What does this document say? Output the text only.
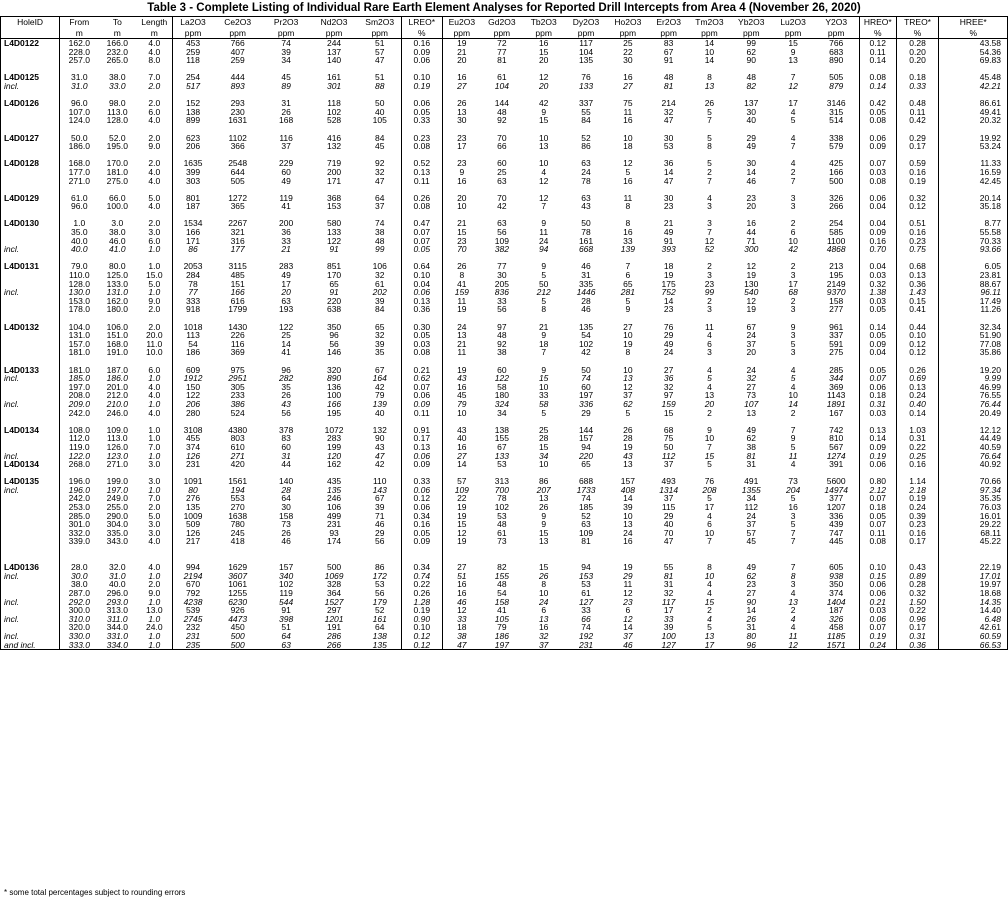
Table 3 - Complete Listing of Individual Rare Earth Element Analyses for Reported Drill Intercepts from Area 4 (November 26, 2020)
HoleID	From	To	Length	La2O3	Ce2O3	Pr2O3	Nd2O3	Sm2O3	LREO*	Eu2O3	Gd2O3	Tb2O3	Dy2O3	Ho2O3	Er2O3	Tm2O3	Yb2O3	Lu2O3	Y2O3	HREO*	TREO*	HREE*
	m	m	m	ppm	ppm	ppm	ppm	ppm	%	ppm	ppm	ppm	ppm	ppm	ppm	ppm	ppm	ppm	ppm	%	%	%
L4D0122	162.0	166.0	4.0	453	766	74	244	51	0.16	19	72	16	117	25	83	14	99	15	766	0.12	0.28	43.58
	228.0	232.0	4.0	259	407	39	137	57	0.09	21	77	15	104	22	67	10	62	9	683	0.11	0.20	54.36
	257.0	265.0	8.0	118	259	34	140	47	0.06	20	81	20	135	30	91	14	90	13	890	0.14	0.20	69.83

L4D0125	31.0	38.0	7.0	254	444	45	161	51	0.10	16	61	12	76	16	48	8	48	7	505	0.08	0.18	45.48
incl.	31.0	33.0	2.0	517	893	89	301	88	0.19	27	104	20	133	27	81	13	82	12	879	0.14	0.33	42.21

L4D0126	96.0	98.0	2.0	152	293	31	118	50	0.06	26	144	42	337	75	214	26	137	17	3146	0.42	0.48	86.61
	107.0	113.0	6.0	138	230	26	102	40	0.05	13	48	9	55	11	32	5	30	4	315	0.05	0.11	49.41
	124.0	128.0	4.0	899	1631	168	528	105	0.33	30	92	15	84	16	47	7	40	5	514	0.08	0.42	20.32

L4D0127	50.0	52.0	2.0	623	1102	116	416	84	0.23	23	70	10	52	10	30	5	29	4	338	0.06	0.29	19.92
	186.0	195.0	9.0	206	366	37	132	45	0.08	17	66	13	86	18	53	8	49	7	579	0.09	0.17	53.24

L4D0128	168.0	170.0	2.0	1635	2548	229	719	92	0.52	23	60	10	63	12	36	5	30	4	425	0.07	0.59	11.33
	177.0	181.0	4.0	399	644	60	200	32	0.13	9	25	4	24	5	14	2	14	2	166	0.03	0.16	16.59
	271.0	275.0	4.0	303	505	49	171	47	0.11	16	63	12	78	16	47	7	46	7	500	0.08	0.19	42.45

L4D0129	61.0	66.0	5.0	801	1272	119	368	64	0.26	20	70	12	63	11	30	4	23	3	326	0.06	0.32	20.14
	96.0	100.0	4.0	187	365	41	153	37	0.08	10	42	7	43	8	23	3	20	3	266	0.04	0.12	35.18

L4D0130	1.0	3.0	2.0	1534	2267	200	580	74	0.47	21	63	9	50	8	21	3	16	2	254	0.04	0.51	8.77
	35.0	38.0	3.0	166	321	36	133	38	0.07	15	56	11	78	16	49	7	44	6	585	0.09	0.16	55.58
	40.0	46.0	6.0	171	316	33	122	48	0.07	23	109	24	161	33	91	12	71	10	1100	0.16	0.23	70.33
incl.	40.0	41.0	1.0	86	177	21	91	99	0.05	70	382	94	668	139	393	52	300	42	4868	0.70	0.75	93.66

L4D0131	79.0	80.0	1.0	2053	3115	283	851	106	0.64	26	77	9	46	7	18	2	12	2	213	0.04	0.68	6.05
	110.0	125.0	15.0	284	485	49	170	32	0.10	8	30	5	31	6	19	3	19	3	195	0.03	0.13	23.81
	128.0	133.0	5.0	78	151	17	65	61	0.04	41	205	50	335	65	175	23	130	17	2149	0.32	0.36	88.67
incl.	130.0	131.0	1.0	77	166	20	91	202	0.06	159	836	212	1446	281	752	99	540	68	9370	1.38	1.43	96.11
	153.0	162.0	9.0	333	616	63	220	39	0.13	11	33	5	28	5	14	2	12	2	158	0.03	0.15	17.49
	178.0	180.0	2.0	918	1799	193	638	84	0.36	19	56	8	46	9	23	3	19	3	277	0.05	0.41	11.26

L4D0132	104.0	106.0	2.0	1018	1430	122	350	65	0.30	24	97	21	135	27	76	11	67	9	961	0.14	0.44	32.34
	131.0	151.0	20.0	113	226	25	96	32	0.05	13	48	9	54	10	29	4	24	3	337	0.05	0.10	51.90
	157.0	168.0	11.0	54	116	14	56	39	0.03	21	92	18	102	19	49	6	37	5	591	0.09	0.12	77.08
	181.0	191.0	10.0	186	369	41	146	35	0.08	11	38	7	42	8	24	3	20	3	275	0.04	0.12	35.86

L4D0133	181.0	187.0	6.0	609	975	96	320	67	0.21	19	60	9	50	10	27	4	24	4	285	0.05	0.26	19.20
incl.	185.0	186.0	1.0	1912	2951	282	890	164	0.62	43	122	15	74	13	36	5	32	5	344	0.07	0.69	9.99
	197.0	201.0	4.0	150	305	35	136	42	0.07	16	58	10	60	12	32	4	27	4	369	0.06	0.13	46.99
	208.0	212.0	4.0	122	233	26	100	79	0.06	45	180	33	197	37	97	13	73	10	1143	0.18	0.24	76.55
incl.	209.0	210.0	1.0	206	386	43	166	139	0.09	79	324	58	336	62	159	20	107	14	1891	0.31	0.40	76.44
	242.0	246.0	4.0	280	524	56	195	40	0.11	10	34	5	29	5	15	2	13	2	167	0.03	0.14	20.49

L4D0134	108.0	109.0	1.0	3108	4380	378	1072	132	0.91	43	138	25	144	26	68	9	49	7	742	0.13	1.03	12.12
	112.0	113.0	1.0	455	803	83	283	90	0.17	40	155	28	157	28	75	10	62	9	810	0.14	0.31	44.49
	119.0	126.0	7.0	374	610	60	199	43	0.13	16	67	15	94	19	50	7	38	5	567	0.09	0.22	40.59
incl.	122.0	123.0	1.0	126	271	31	120	47	0.06	27	133	34	220	43	112	15	81	11	1274	0.19	0.25	76.64
L4D0134	268.0	271.0	3.0	231	420	44	162	42	0.09	14	53	10	65	13	37	5	31	4	391	0.06	0.16	40.92

L4D0135	196.0	199.0	3.0	1091	1561	140	435	110	0.33	57	313	86	688	157	493	76	491	73	5600	0.80	1.14	70.66
incl.	196.0	197.0	1.0	80	194	28	135	143	0.06	109	700	207	1733	408	1314	208	1355	204	14974	2.12	2.18	97.34
	242.0	249.0	7.0	276	553	64	246	67	0.12	22	78	13	74	14	37	5	34	5	377	0.07	0.19	35.35
	253.0	255.0	2.0	135	270	30	106	39	0.06	19	102	26	185	39	115	17	112	16	1207	0.18	0.24	76.03
	285.0	290.0	5.0	1009	1638	158	499	71	0.34	19	53	9	52	10	29	4	24	3	336	0.05	0.39	16.01
	301.0	304.0	3.0	509	780	73	231	46	0.16	15	48	9	63	13	40	6	37	5	439	0.07	0.23	29.22
	332.0	335.0	3.0	126	245	26	93	29	0.05	12	61	15	109	24	70	10	57	7	747	0.11	0.16	68.11
	339.0	343.0	4.0	217	418	46	174	56	0.09	19	73	13	81	16	47	7	45	7	445	0.08	0.17	45.22

L4D0136	28.0	32.0	4.0	994	1629	157	500	86	0.34	27	82	15	94	19	55	8	49	7	605	0.10	0.43	22.19
incl.	30.0	31.0	1.0	2194	3607	340	1069	172	0.74	51	155	26	153	29	81	10	62	8	938	0.15	0.89	17.01
	38.0	40.0	2.0	670	1061	102	328	53	0.22	16	48	8	53	11	31	4	23	3	350	0.06	0.28	19.97
	287.0	296.0	9.0	792	1255	119	364	56	0.26	16	54	10	61	12	32	4	27	4	374	0.06	0.32	18.68
incl.	292.0	293.0	1.0	4238	6230	544	1527	179	1.28	46	158	24	127	23	117	15	90	13	1404	0.21	1.50	14.35
	300.0	313.0	13.0	539	926	91	297	52	0.19	12	41	6	33	6	17	2	14	2	187	0.03	0.22	14.40
incl.	310.0	311.0	1.0	2745	4473	398	1201	161	0.90	33	105	13	66	12	33	4	26	4	326	0.06	0.96	6.48
	320.0	344.0	24.0	232	450	51	191	64	0.10	18	79	16	74	14	39	5	31	4	458	0.07	0.17	42.61
incl.	330.0	331.0	1.0	231	500	64	286	138	0.12	38	186	32	192	37	100	13	80	11	1185	0.19	0.31	60.59
and incl.	333.0	334.0	1.0	235	500	63	266	135	0.12	47	197	37	231	46	127	17	96	12	1571	0.24	0.36	66.53
* some total percentages subject to rounding errors
